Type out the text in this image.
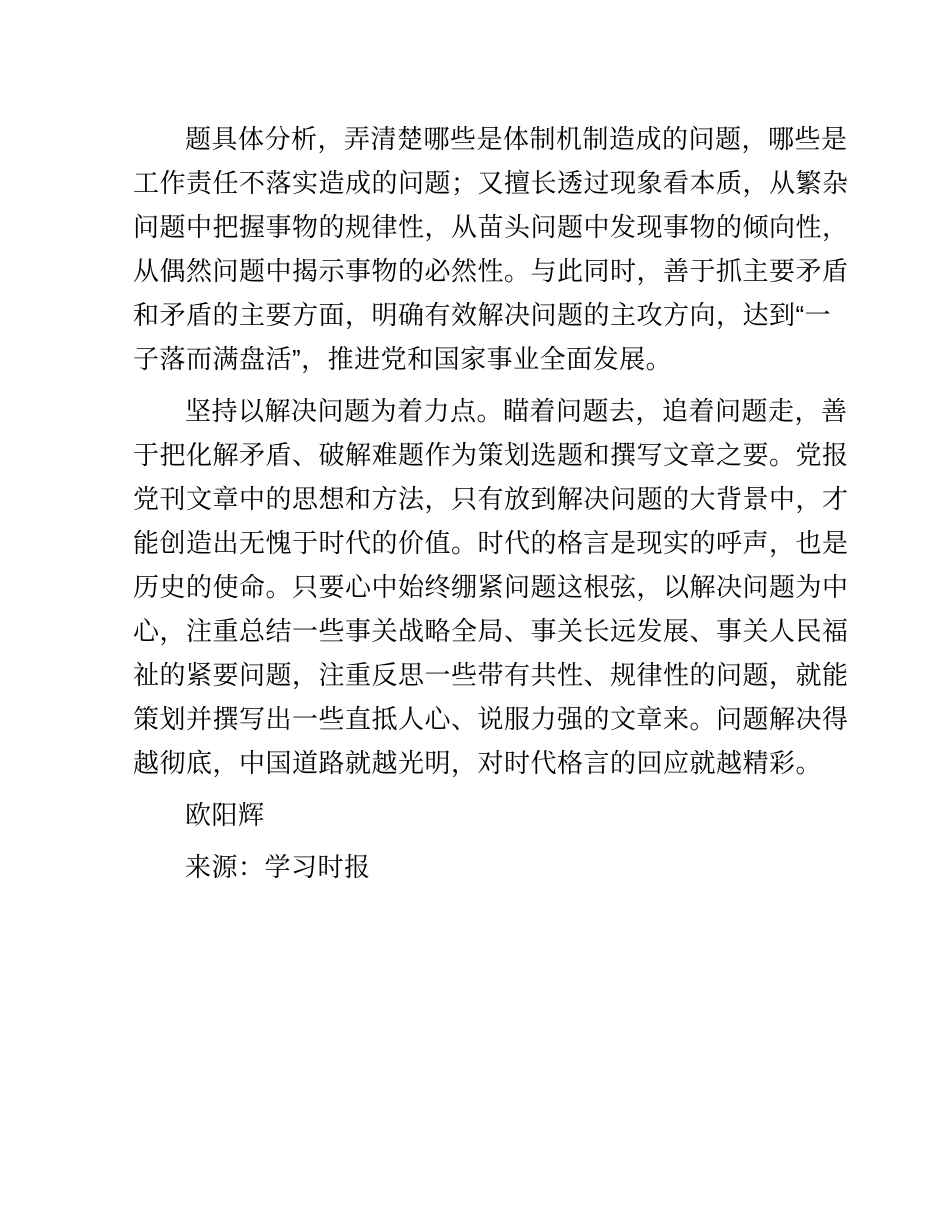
题具体分析，弄清楚哪些是体制机制造成的问题，哪些是
工作责任不落实造成的问题；又擅长透过现象看本质，从繁杂
问题中把握事物的规律性，从苗头问题中发现事物的倾向性，
从偶然问题中揭示事物的必然性。与此同时，善于抓主要矛盾
和矛盾的主要方面，明确有效解决问题的主攻方向，达到“一
子落而满盘活”，推进党和国家事业全面发展。
坚持以解决问题为着力点。瞄着问题去，追着问题走，善
于把化解矛盾、破解难题作为策划选题和撰写文章之要。党报
党刊文章中的思想和方法，只有放到解决问题的大背景中，才
能创造出无愧于时代的价值。时代的格言是现实的呼声，也是
历史的使命。只要心中始终绷紧问题这根弦，以解决问题为中
心，注重总结一些事关战略全局、事关长远发展、事关人民福
祉的紧要问题，注重反思一些带有共性、规律性的问题，就能
策划并撰写出一些直抵人心、说服力强的文章来。问题解决得
越彻底，中国道路就越光明，对时代格言的回应就越精彩。
欧阳辉
来源：学习时报
